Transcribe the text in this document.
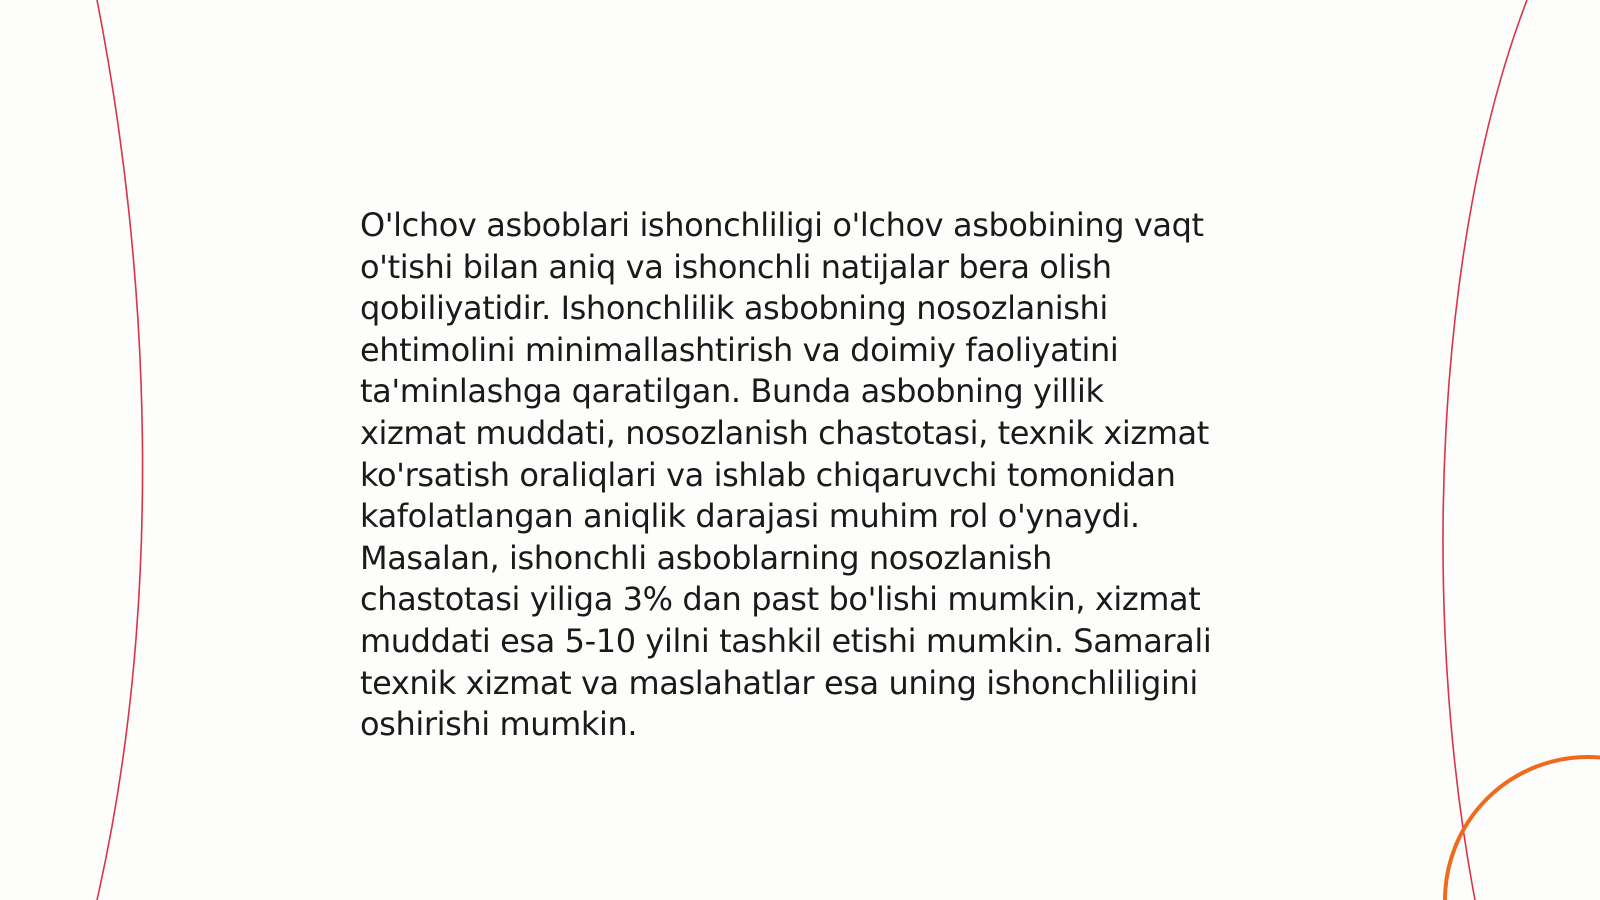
O'lchov asboblari ishonchliligi o'lchov asbobining vaqt
o'tishi bilan aniq va ishonchli natijalar bera olish
qobiliyatidir. Ishonchlilik asbobning nosozlanishi
ehtimolini minimallashtirish va doimiy faoliyatini
ta'minlashga qaratilgan. Bunda asbobning yillik
xizmat muddati, nosozlanish chastotasi, texnik xizmat
ko'rsatish oraliqlari va ishlab chiqaruvchi tomonidan
kafolatlangan aniqlik darajasi muhim rol o'ynaydi.
Masalan, ishonchli asboblarning nosozlanish
chastotasi yiliga 3% dan past bo'lishi mumkin, xizmat
muddati esa 5-10 yilni tashkil etishi mumkin. Samarali
texnik xizmat va maslahatlar esa uning ishonchliligini
oshirishi mumkin.
